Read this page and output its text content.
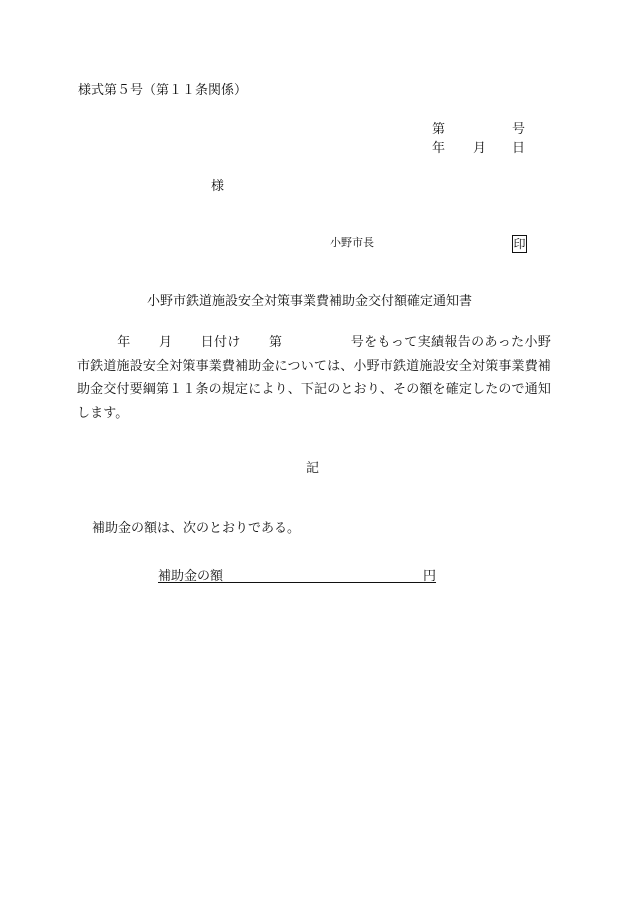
様式第５号（第１１条関係）
第	号
年 月 日
様
小野市長	印
小野市鉄道施設安全対策事業費補助金交付額確定通知書
年 月 日付け 第	号をもって実績報告のあった小野市鉄道施設安全対策事業費補助金については、小野市鉄道施設安全対策事業費補助金交付要綱第１１条の規定により、下記のとおり、その額を確定したので通知します。
記
補助金の額は、次のとおりである。
補助金の額	円
